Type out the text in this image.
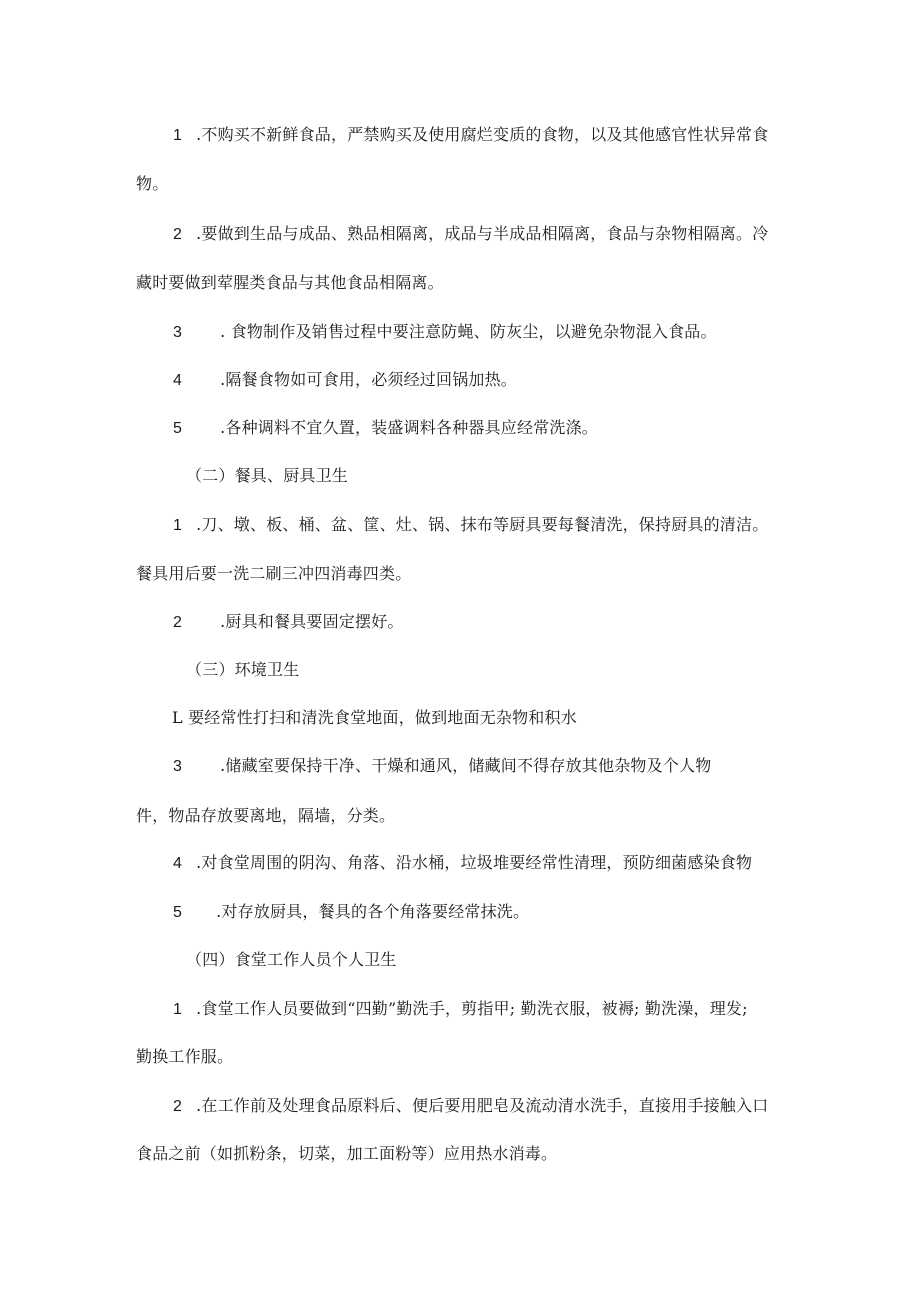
1 .不购买不新鲜食品，严禁购买及使用腐烂变质的食物，以及其他感官性状异常食
物。
2 .要做到生品与成品、熟品相隔离，成品与半成品相隔离，食品与杂物相隔离。冷
藏时要做到荤腥类食品与其他食品相隔离。
3 . 食物制作及销售过程中要注意防蝇、防灰尘，以避免杂物混入食品。
4 .隔餐食物如可食用，必须经过回锅加热。
5 .各种调料不宜久置，装盛调料各种器具应经常洗涤。
（二）餐具、厨具卫生
1 .刀、墩、板、桶、盆、筐、灶、锅、抹布等厨具要每餐清洗，保持厨具的清洁。
餐具用后要一洗二刷三冲四消毒四类。
2 .厨具和餐具要固定摆好。
（三）环境卫生
L 要经常性打扫和清洗食堂地面，做到地面无杂物和积水
3 .储藏室要保持干净、干燥和通风，储藏间不得存放其他杂物及个人物
件，物品存放要离地，隔墙，分类。
4 .对食堂周围的阴沟、角落、沿水桶，垃圾堆要经常性清理，预防细菌感染食物
5 .对存放厨具，餐具的各个角落要经常抹洗。
（四）食堂工作人员个人卫生
1 .食堂工作人员要做到“四勤”勤洗手，剪指甲; 勤洗衣服，被褥; 勤洗澡，理发;
勤换工作服。
2 .在工作前及处理食品原料后、便后要用肥皂及流动清水洗手，直接用手接触入口
食品之前（如抓粉条，切菜，加工面粉等）应用热水消毒。
